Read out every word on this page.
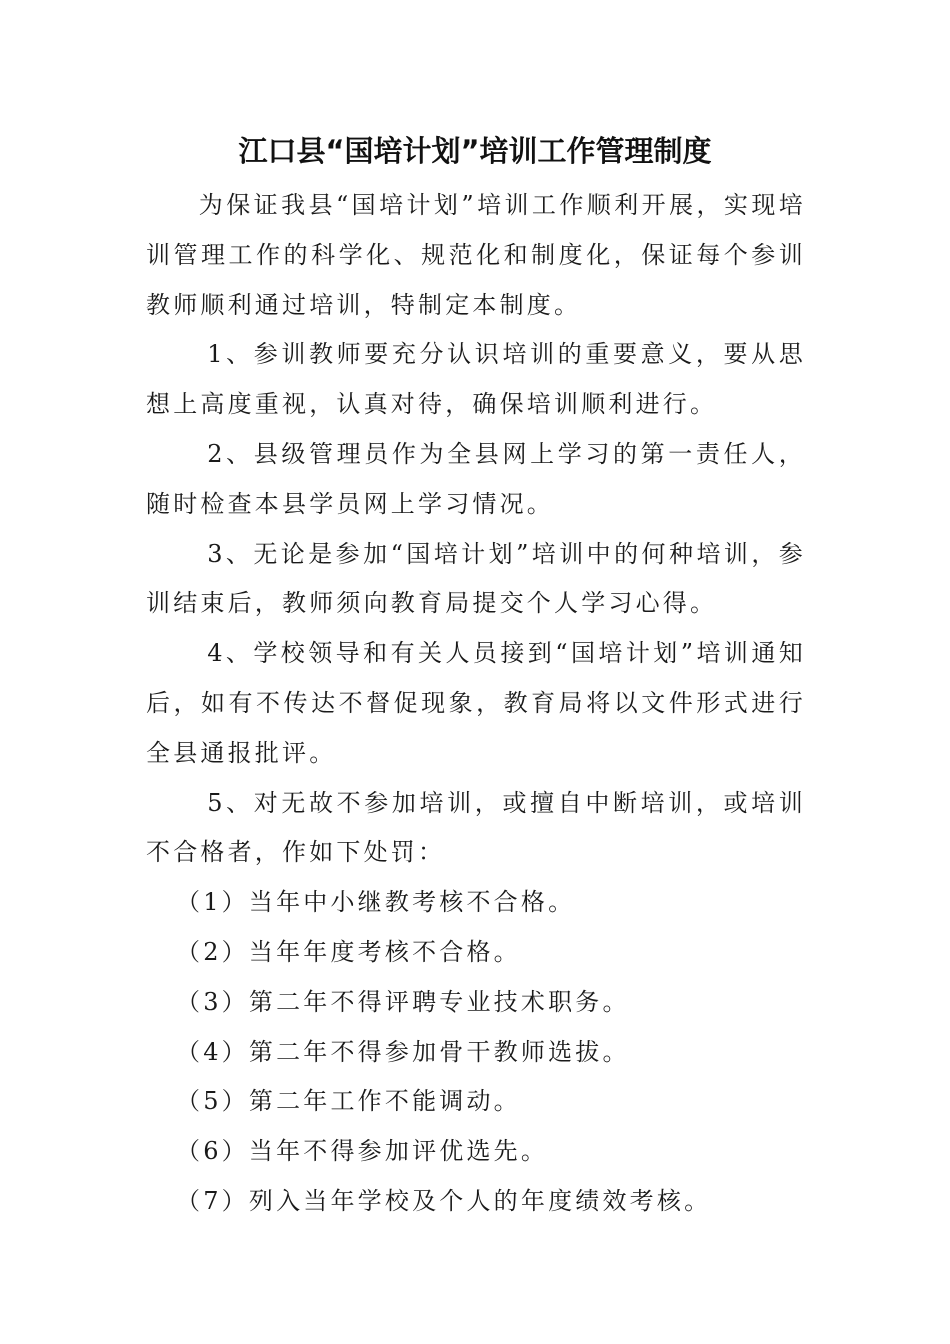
江口县“国培计划”培训工作管理制度

为保证我县“国培计划”培训工作顺利开展，实现培训管理工作的科学化、规范化和制度化，保证每个参训教师顺利通过培训，特制定本制度。

1、参训教师要充分认识培训的重要意义，要从思想上高度重视，认真对待，确保培训顺利进行。

2、县级管理员作为全县网上学习的第一责任人，随时检查本县学员网上学习情况。

3、无论是参加“国培计划”培训中的何种培训，参训结束后，教师须向教育局提交个人学习心得。

4、学校领导和有关人员接到“国培计划”培训通知后，如有不传达不督促现象，教育局将以文件形式进行全县通报批评。

5、对无故不参加培训，或擅自中断培训，或培训不合格者，作如下处罚：

（1）当年中小继教考核不合格。

（2）当年年度考核不合格。

（3）第二年不得评聘专业技术职务。

（4）第二年不得参加骨干教师选拔。

（5）第二年工作不能调动。

（6）当年不得参加评优选先。

（7）列入当年学校及个人的年度绩效考核。
